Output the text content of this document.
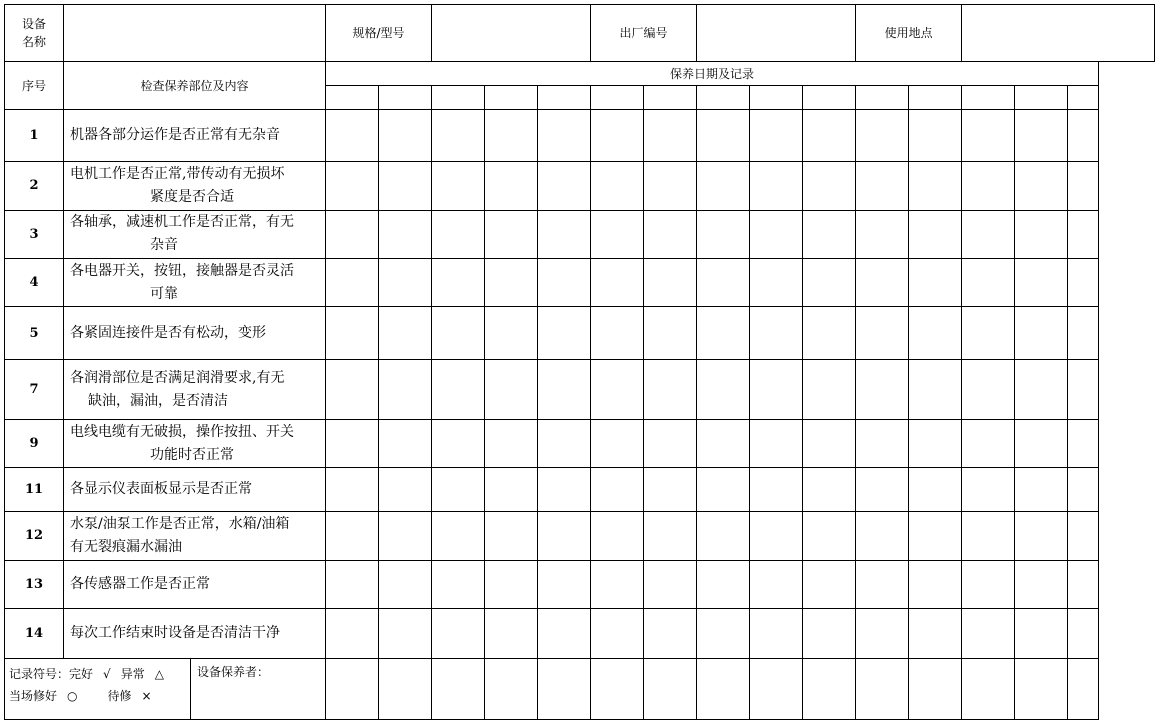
设备
名称		规格/型号					出厂编号					使用地点				
序号	检查保养部位及内容	保养日期及记录														

1	机器各部分运作是否正常有无杂音															
2	电机工作是否正常,带传动有无损坏
紧度是否合适															

3	各轴承，减速机工作是否正常，有无
杂音															

4	各电器开关，按钮，接触器是否灵活
可靠															

5	各紧固连接件是否有松动，变形															
7	各润滑部位是否满足润滑要求,有无
缺油，漏油，是否清洁															

9	电线电缆有无破损，操作按扭、开关
功能时否正常															

11	各显示仪表面板显示是否正常															
12	水泵/油泵工作是否正常，水箱/油箱
有无裂痕漏水漏油															

13	各传感器工作是否正常															
14	每次工作结束时设备是否清洁干净															

记录符号：完好 √ 异常 △
当场修好 ○ 待修 ×
设备保养者：																
